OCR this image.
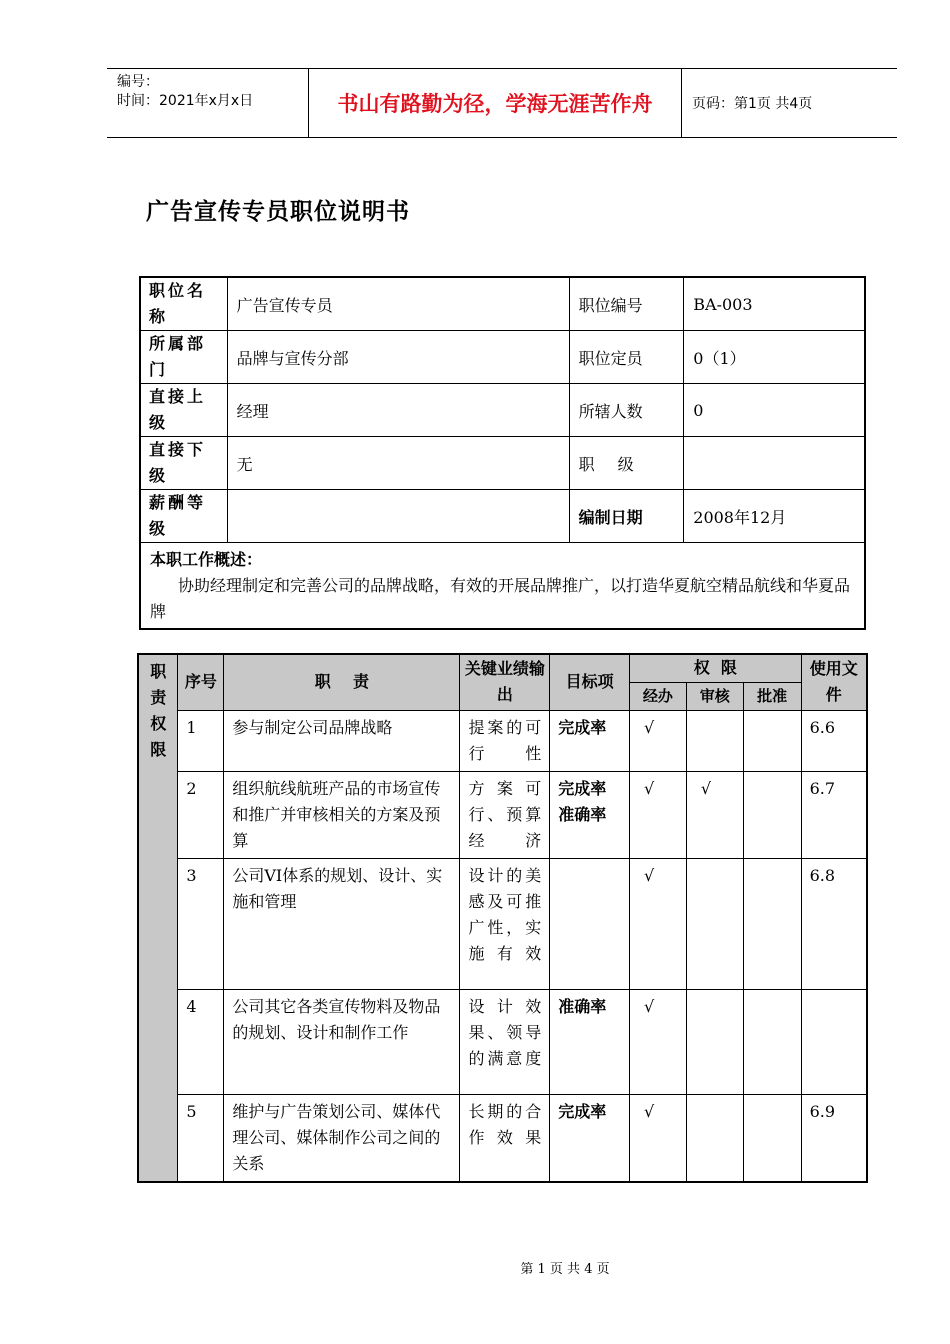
编号：
时间：2021年x月x日	书山有路勤为径，学海无涯苦作舟	页码：第1页 共4页
广告宣传专员职位说明书
职位名称	广告宣传专员	职位编号	BA-003
所属部门	品牌与宣传分部	职位定员	0（1）
直接上级	经理	所辖人数	0
直接下级	无	职级	
薪酬等级		编制日期	2008年12月

本职工作概述：
协助经理制定和完善公司的品牌战略，有效的开展品牌推广，以打造华夏航空精品航线和华夏品牌			
职责权限	序号	职    责	关键业绩输出	目标项	权  限			使用文件
					经办	审核	批准	
	1	参与制定公司品牌战略	提案的可行性	完成率	√			6.6
	2	组织航线航班产品的市场宣传和推广并审核相关的方案及预算	方案可行、预算经济	完成率准确率	√	√		6.7
	3	公司VI体系的规划、设计、实施和管理	设计的美感及可推广性，实施有效		√			6.8
	4	公司其它各类宣传物料及物品的规划、设计和制作工作	设计效果、领导的满意度	准确率	√			
	5	维护与广告策划公司、媒体代理公司、媒体制作公司之间的关系	长期的合作效果	完成率	√			6.9
第 1 页 共 4 页
